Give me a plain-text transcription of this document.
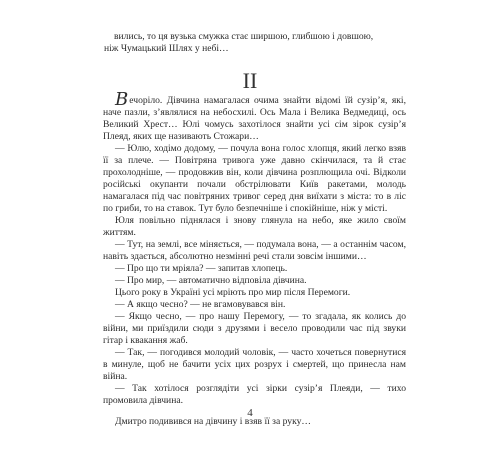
вились, то ця вузька смужка стає ширшою, глибшою і довшою,

ніж Чумацький Шлях у небі…

II

Вечоріло. Дівчина намагалася очима знайти відомі їй сузір’я, які, наче пазли, з’являлися на небосхилі. Ось Мала і Велика Ведмедиці, ось Великий Хрест… Юлі чомусь захотілося знайти усі сім зірок сузір’я Плеяд, яких ще називають Стожари…

— Юлю, ходімо додому, — почула вона голос хлопця, який легко взяв її за плече. — Повітряна тривога уже давно скінчилася, та й стає прохолодніше, — продовжив він, коли дівчина розплющила очі. Відколи російські окупанти почали обстрілювати Київ ракетами, молодь намагалася під час повітряних тривог серед дня виїхати з міста: то в ліс по гриби, то на ставок. Тут було безпечніше і спокійніше, ніж у місті.

Юля повільно піднялася і знову глянула на небо, яке жило своїм життям.

— Тут, на землі, все міняється, — подумала вона, — а останнім часом, навіть здається, абсолютно незмінні речі стали зовсім іншими…

— Про що ти мріяла? — запитав хлопець.

— Про мир, — автоматично відповіла дівчина.

Цього року в Україні усі мріють про мир після Перемоги.

— А якщо чесно? — не вгамовувався він.

— Якщо чесно, — про нашу Перемогу, — то згадала, як колись до війни, ми приїздили сюди з друзями і весело проводили час під звуки гітар і квакання жаб.

— Так, — погодився молодий чоловік, — часто хочеться повернутися в минуле, щоб не бачити усіх цих розрух і смертей, що принесла нам війна.

— Так хотілося розглядіти усі зірки сузір’я Плеяди, — тихо промовила дівчина.

Дмитро подивився на дівчину і взяв її за руку…

4
